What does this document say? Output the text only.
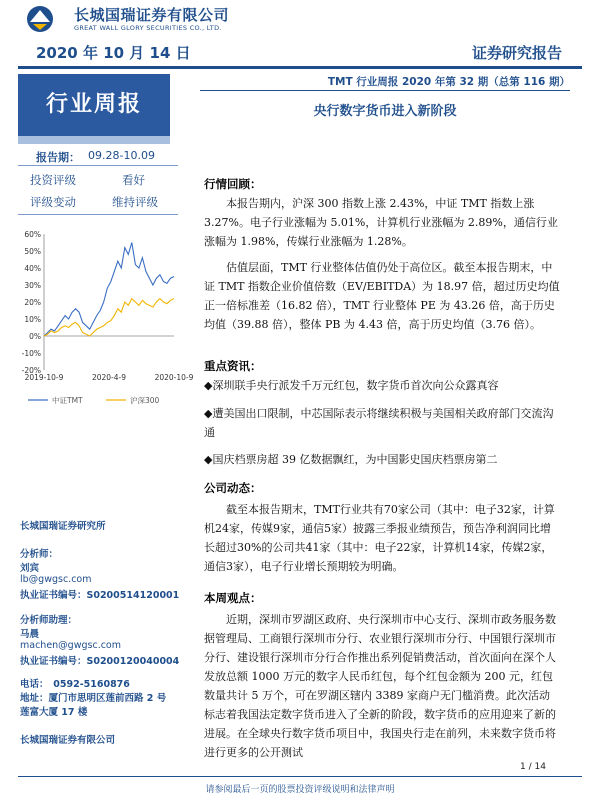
长城国瑞证券有限公司
GREAT WALL GLORY SECURITIES CO., LTD.
2020 年 10 月 14 日	证券研究报告
行业周报
TMT 行业周报 2020 年第 32 期（总第 116 期）
央行数字货币进入新阶段
报告期： 09.28-10.09
投资评级	看好
评级变动	维持评级
60%
50%
40%
30%
20%
10%
0%
-10%
-20%
2019-10-9	2020-4-9	2020-10-9
中证TMT	沪深300
长城国瑞证券研究所
分析师：
刘宾
lb@gwgsc.com
执业证书编号：S0200514120001
分析师助理：
马晨
machen@gwgsc.com
执业证书编号：S0200120040004
电话：　0592-5160876
地址：厦门市思明区莲前西路 2 号
莲富大厦 17 楼
长城国瑞证券有限公司
行情回顾：
本报告期内，沪深 300 指数上涨 2.43%，中证 TMT 指数上涨 3.27%。电子行业涨幅为 5.01%，计算机行业涨幅为 2.89%，通信行业涨幅为 1.98%，传媒行业涨幅为 1.28%。
估值层面，TMT 行业整体估值仍处于高位区。截至本报告期末，中证 TMT 指数企业价值倍数（EV/EBITDA）为 18.97 倍，超过历史均值正一倍标准差（16.82 倍），TMT 行业整体 PE 为 43.26 倍，高于历史均值（39.88 倍），整体 PB 为 4.43 倍，高于历史均值（3.76 倍）。
重点资讯：
◆深圳联手央行派发千万元红包，数字货币首次向公众露真容
◆遭美国出口限制，中芯国际表示将继续积极与美国相关政府部门交流沟通
◆国庆档票房超 39 亿数据飘红，为中国影史国庆档票房第二
公司动态：
截至本报告期末，TMT行业共有70家公司（其中：电子32家，计算机24家，传媒9家，通信5家）披露三季报业绩预告，预告净利润同比增长超过30%的公司共41家（其中：电子22家，计算机14家，传媒2家，通信3家），电子行业增长预期较为明确。
本周观点：
近期，深圳市罗湖区政府、央行深圳市中心支行、深圳市政务服务数据管理局、工商银行深圳市分行、农业银行深圳市分行、中国银行深圳市分行、建设银行深圳市分行合作推出系列促销费活动，首次面向在深个人发放总额 1000 万元的数字人民币红包，每个红包金额为 200 元，红包数量共计 5 万个，可在罗湖区辖内 3389 家商户无门槛消费。此次活动标志着我国法定数字货币进入了全新的阶段，数字货币的应用迎来了新的进展。在全球央行数字货币项目中，我国央行走在前列，未来数字货币将进行更多的公开测试
1 / 14
请参阅最后一页的股票投资评级说明和法律声明
